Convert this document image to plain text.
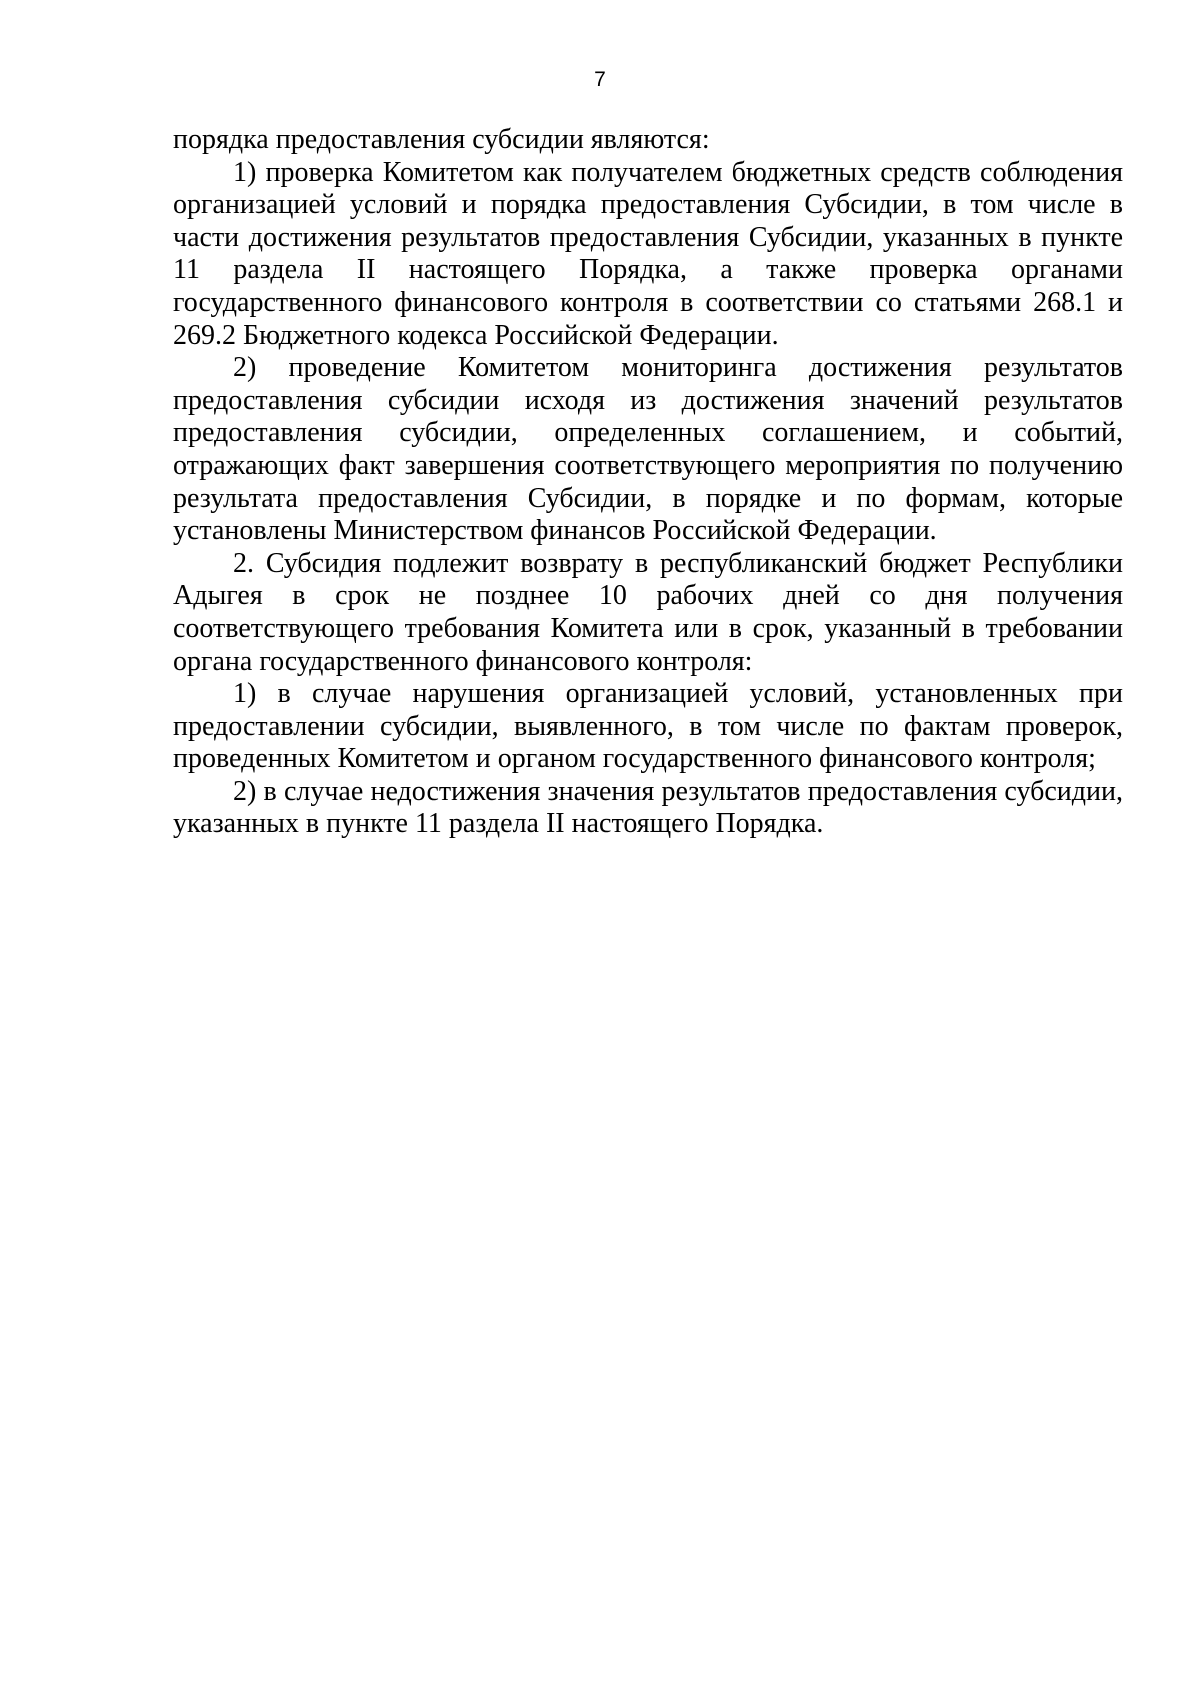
7

порядка предоставления субсидии являются:

1) проверка Комитетом как получателем бюджетных средств соблюдения организацией условий и порядка предоставления Субсидии, в том числе в части достижения результатов предоставления Субсидии, указанных в пункте 11 раздела II настоящего Порядка, а также проверка органами государственного финансового контроля в соответствии со статьями 268.1 и 269.2 Бюджетного кодекса Российской Федерации.

2) проведение Комитетом мониторинга достижения результатов предоставления субсидии исходя из достижения значений результатов предоставления субсидии, определенных соглашением, и событий, отражающих факт завершения соответствующего мероприятия по получению результата предоставления Субсидии, в порядке и по формам, которые установлены Министерством финансов Российской Федерации.

2. Субсидия подлежит возврату в республиканский бюджет Республики Адыгея в срок не позднее 10 рабочих дней со дня получения соответствующего требования Комитета или в срок, указанный в требовании органа государственного финансового контроля:

1) в случае нарушения организацией условий, установленных при предоставлении субсидии, выявленного, в том числе по фактам проверок, проведенных Комитетом и органом государственного финансового контроля;

2) в случае недостижения значения результатов предоставления субсидии, указанных в пункте 11 раздела II настоящего Порядка.
